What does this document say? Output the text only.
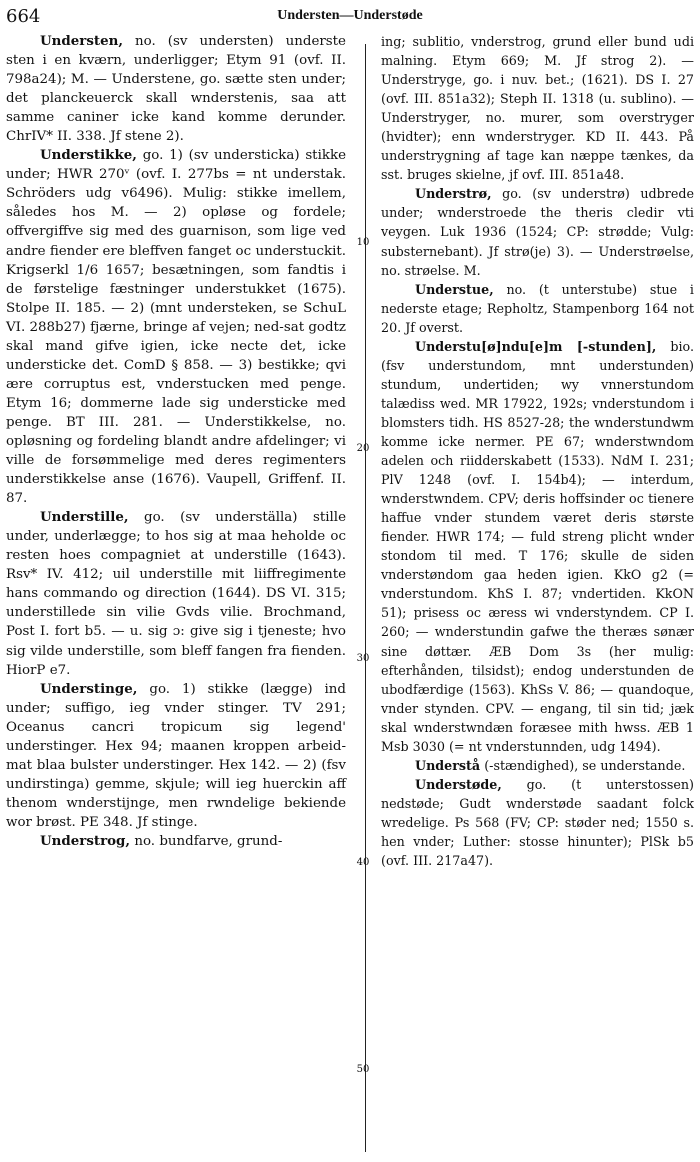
664	Understen—Understøde
10
20
30
40
50

Understen, no. (sv understen) underste sten i en kværn, underligger; Etym 91 (ovf. II. 798a24); M. — Understene, go. sætte sten under; det planckeuerck skall wnderstenis, saa att samme caniner icke kand komme derunder. ChrIV* II. 338. Jf stene 2).

Understikke, go. 1) (sv understicka) stikke under; HWR 270ᵛ (ovf. I. 277bs = nt understak. Schröders udg v6496). Mulig: stikke imellem, således hos M. — 2) opløse og fordele; offvergiffve sig med des guarnison, som lige ved andre fiender ere bleffven fanget oc understuckit. Krigserkl 1/6 1657; besætningen, som fandtis i de førstelige fæstninger understukket (1675). Stolpe II. 185. — 2) (mnt understeken, se SchuL VI. 288b27) fjærne, bringe af vejen; ned-sat godtz skal mand gifve igien, icke necte det, icke understicke det. ComD § 858. — 3) bestikke; qvi ære corruptus est, vnderstucken med penge. Etym 16; dommerne lade sig understicke med penge. BT III. 281. — Understikkelse, no. opløsning og fordeling blandt andre afdelinger; vi ville de forsømmelige med deres regimenters understikkelse anse (1676). Vaupell, Griffenf. II. 87.

Understille, go. (sv underställa) stille under, underlægge; to hos sig at maa heholde oc resten hoes compagniet at understille (1643). Rsv* IV. 412; uil understille mit liiffregimente hans commando og direction (1644). DS VI. 315; understillede sin vilie Gvds vilie. Brochmand, Post I. fort b5. — u. sig ɔ: give sig i tjeneste; hvo sig vilde understille, som bleff fangen fra fienden. HiorP e7.

Understinge, go. 1) stikke (lægge) ind under; suffigo, ieg vnder stinger. TV 291; Oceanus cancri tropicum sig legend' understinger. Hex 94; maanen kroppen arbeid-mat blaa bulster understinger. Hex 142. — 2) (fsv undirstinga) gemme, skjule; will ieg huerckin aff thenom wnderstijnge, men rwndelige bekiende wor brøst. PE 348. Jf stinge.

Understrog, no. bundfarve, grund-

ing; sublitio, vnderstrog, grund eller bund udi malning. Etym 669; M. Jf strog 2). — Understryge, go. i nuv. bet.; (1621). DS I. 27 (ovf. III. 851a32); Steph II. 1318 (u. sublino). — Understryger, no. murer, som overstryger (hvidter); enn wnderstryger. KD II. 443. På understrygning af tage kan næppe tænkes, da sst. bruges skielne, jf ovf. III. 851a48.

Understrø, go. (sv understrø) udbrede under; wnderstroede the theris cledir vti veygen. Luk 1936 (1524; CP: strødde; Vulg: substernebant). Jf strø(je) 3). — Understrøelse, no. strøelse. M.

Understue, no. (t unterstube) stue i nederste etage; Repholtz, Stampenborg 164 not 20. Jf overst.

Understu[ø]ndu[e]m [-stunden], bio. (fsv understundom, mnt understunden) stundum, undertiden; wy vnnerstundom talædiss wed. MR 17922, 192s; vnderstundom i blomsters tidh. HS 8527-28; the wnderstundwm komme icke nermer. PE 67; wnderstwndom adelen och riidderskabett (1533). NdM I. 231; PlV 1248 (ovf. I. 154b4); — interdum, wnderstwndem. CPV; deris hoffsinder oc tienere haffue vnder stundem været deris største fiender. HWR 174; — fuld streng plicht wnder stondom til med. T 176; skulle de siden vnderstøndom gaa heden igien. KkO g2 (= vnderstundom. KhS I. 87; vndertiden. KkON 51); prisess oc æress wi vnderstyndem. CP I. 260; — wnderstundin gafwe the theræs sønær sine døttær. ÆB Dom 3s (her mulig: efterhånden, tilsidst); endog understunden de ubodfærdige (1563). KhSs V. 86; — quandoque, vnder stynden. CPV. — engang, til sin tid; jæk skal wnderstwndæn foræsee mith hwss. ÆB 1 Msb 3030 (= nt vnderstunnden, udg 1494).

Understå (-stændighed), se understande.

Understøde, go. (t unterstossen) nedstøde; Gudt wnderstøde saadant folck wredelige. Ps 568 (FV; CP: støder ned; 1550 s. hen vnder; Luther: stosse hinunter); PlSk b5 (ovf. III. 217a47).
